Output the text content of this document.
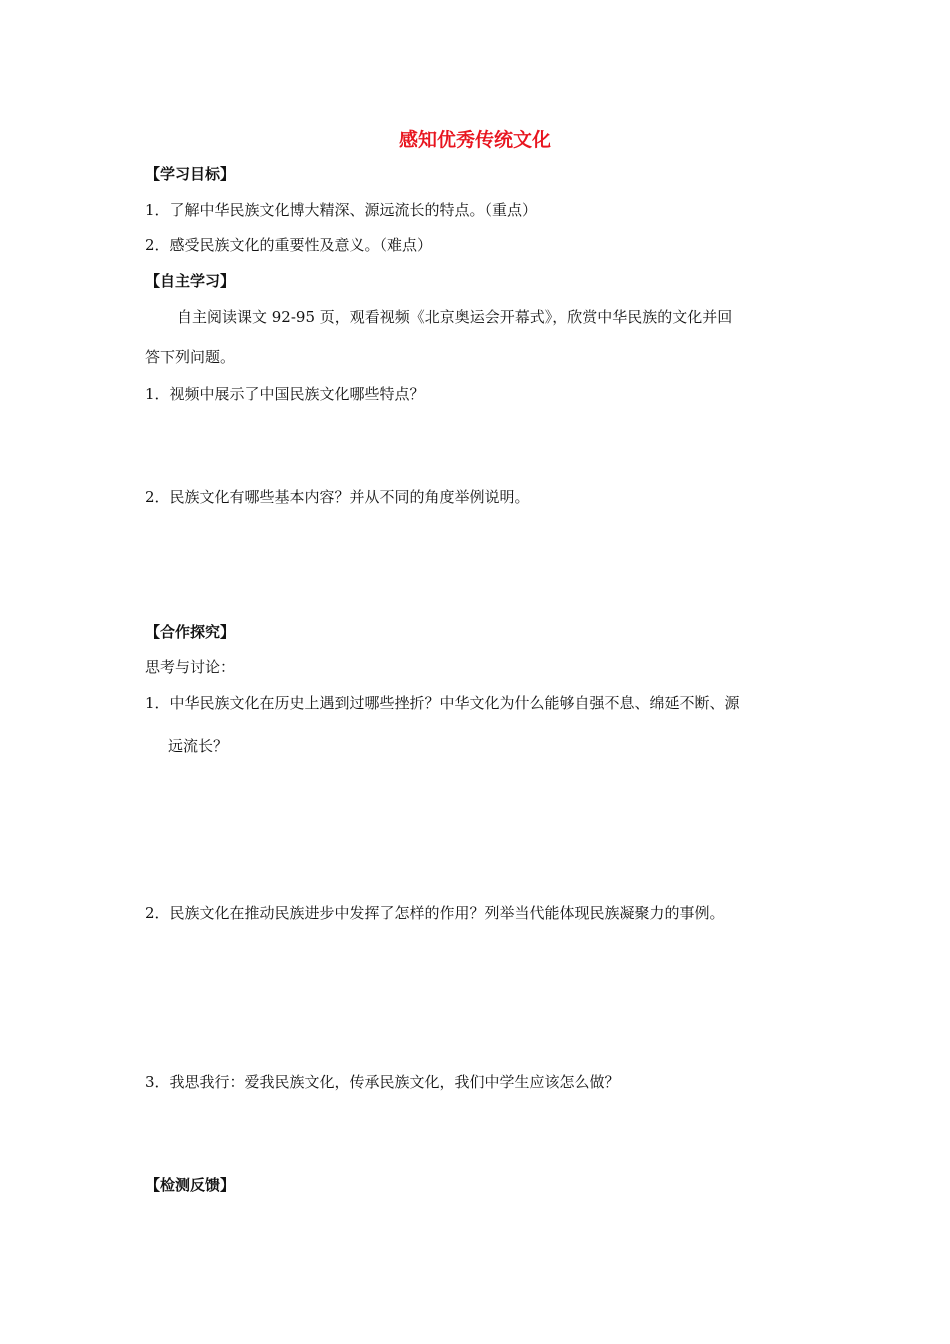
感知优秀传统文化
【学习目标】
1．了解中华民族文化博大精深、源远流长的特点。（重点）
2．感受民族文化的重要性及意义。（难点）
【自主学习】
自主阅读课文 92-95 页，观看视频《北京奥运会开幕式》，欣赏中华民族的文化并回
答下列问题。
1．视频中展示了中国民族文化哪些特点？
2．民族文化有哪些基本内容？并从不同的角度举例说明。
【合作探究】
思考与讨论：
1．中华民族文化在历史上遇到过哪些挫折？中华文化为什么能够自强不息、绵延不断、源
远流长？
2．民族文化在推动民族进步中发挥了怎样的作用？列举当代能体现民族凝聚力的事例。
3．我思我行：爱我民族文化，传承民族文化，我们中学生应该怎么做？
【检测反馈】
